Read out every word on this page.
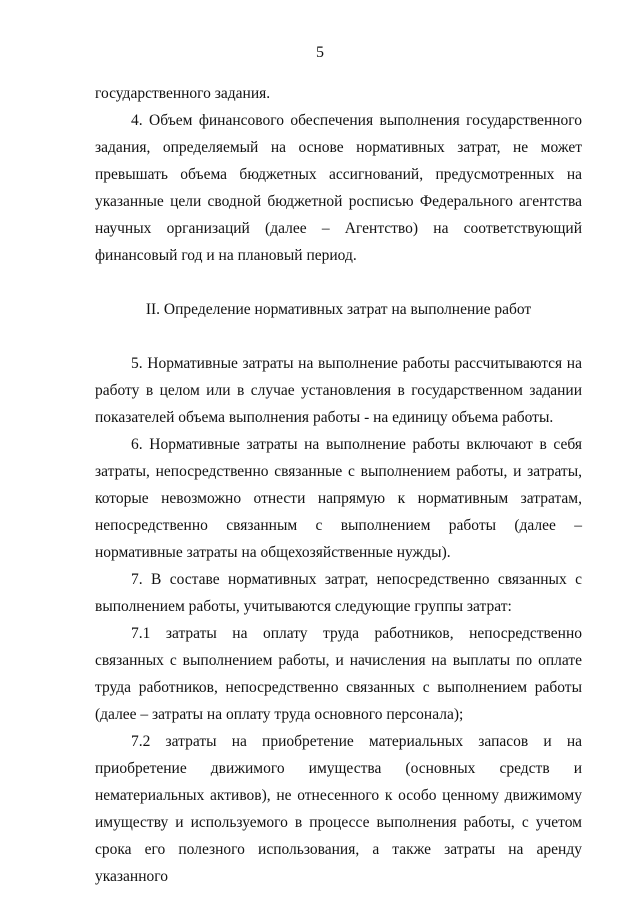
5

государственного задания.

4. Объем финансового обеспечения выполнения государственного задания, определяемый на основе нормативных затрат, не может превышать объема бюджетных ассигнований, предусмотренных на указанные цели сводной бюджетной росписью Федерального агентства научных организаций (далее – Агентство) на соответствующий финансовый год и на плановый период.

II. Определение нормативных затрат на выполнение работ

5. Нормативные затраты на выполнение работы рассчитываются на работу в целом или в случае установления в государственном задании показателей объема выполнения работы - на единицу объема работы.

6. Нормативные затраты на выполнение работы включают в себя затраты, непосредственно связанные с выполнением работы, и затраты, которые невозможно отнести напрямую к нормативным затратам, непосредственно связанным с выполнением работы (далее – нормативные затраты на общехозяйственные нужды).

7. В составе нормативных затрат, непосредственно связанных с выполнением работы, учитываются следующие группы затрат:

7.1 затраты на оплату труда работников, непосредственно связанных с выполнением работы, и начисления на выплаты по оплате труда работников, непосредственно связанных с выполнением работы (далее – затраты на оплату труда основного персонала);

7.2 затраты на приобретение материальных запасов и на приобретение движимого имущества (основных средств и нематериальных активов), не отнесенного к особо ценному движимому имуществу и используемого в процессе выполнения работы, с учетом срока его полезного использования, а также затраты на аренду указанного
